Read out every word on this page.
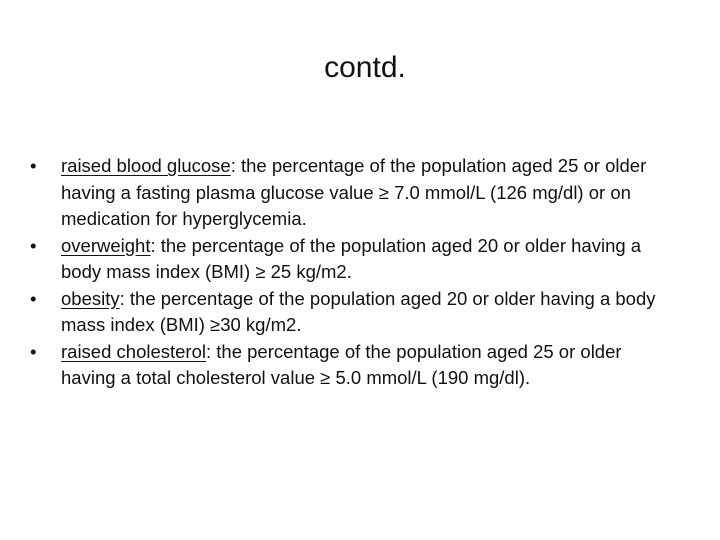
contd.
•	raised blood glucose: the percentage of the population aged 25 or older having a fasting plasma glucose value ≥ 7.0 mmol/L (126 mg/dl) or on medication for hyperglycemia.
•	overweight: the percentage of the population aged 20 or older having a body mass index (BMI) ≥ 25 kg/m2.
•	obesity: the percentage of the population aged 20 or older having a body mass index (BMI) ≥30 kg/m2.
•	raised cholesterol: the percentage of the population aged 25 or older having a total cholesterol value ≥ 5.0 mmol/L (190 mg/dl).
